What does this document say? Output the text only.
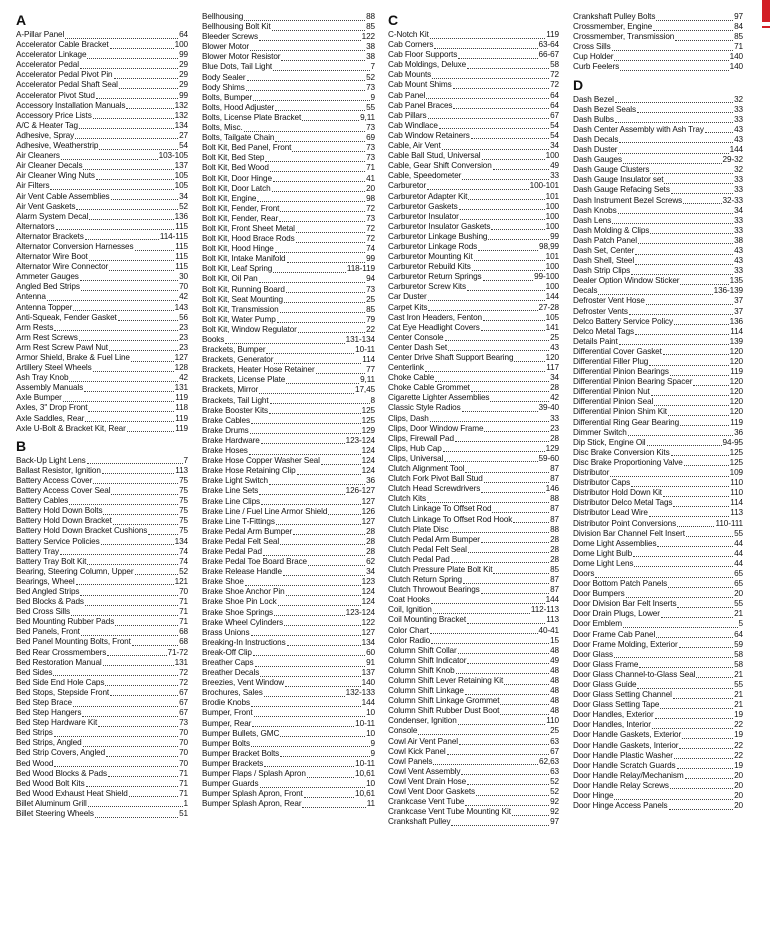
A
A-Pillar Panel	64
Accelerator Cable Bracket	100
Accelerator Linkage	99
Accelerator Pedal	29
Accelerator Pedal Pivot Pin	29
Accelerator Pedal Shaft Seal	29
Accelerator Pivot Stud	99
Accessory Installation Manuals	132
Accessory Price Lists	132
A/C & Heater Tag	134
Adhesive, Spray	27
Adhesive, Weatherstrip	54
Air Cleaners	103-105
Air Cleaner Decals	137
Air Cleaner Wing Nuts	105
Air Filters	105
Air Vent Cable Assemblies	34
Air Vent Gaskets	52
Alarm System Decal	136
Alternators	115
Alternator Brackets	114-115
Alternator Conversion Harnesses	115
Alternator Wire Boot	115
Alternator Wire Connector	115
Ammeter Gauges	30
Angled Bed Strips	70
Antenna	42
Antenna Topper	143
Anti-Squeak, Fender Gasket	56
Arm Rests	23
Arm Rest Screws	23
Arm Rest Screw Pawl Nut	23
Armor Shield, Brake & Fuel Line	127
Artillery Steel Wheels	128
Ash Tray Knob	42
Assembly Manuals	131
Axle Bumper	119
Axles, 3" Drop Front	118
Axle Saddles, Rear	119
Axle U-Bolt & Bracket Kit, Rear	119
B
Back-Up Light Lens	7
Ballast Resistor, Ignition	113
Battery Access Cover	75
Battery Access Cover Seal	75
Battery Cables	75
Battery Hold Down Bolts	75
Battery Hold Down Bracket	75
Battery Hold Down Bracket Cushions	75
Battery Service Policies	134
Battery Tray	74
Battery Tray Bolt Kit	74
Bearing, Steering Column, Upper	52
Bearings, Wheel	121
Bed Angled Strips	70
Bed Blocks & Pads	71
Bed Cross Sills	71
Bed Mounting Rubber Pads	71
Bed Panels, Front	68
Bed Panel Mounting Bolts, Front	68
Bed Rear Crossmembers	71-72
Bed Restoration Manual	131
Bed Sides	72
Bed Side End Hole Caps	72
Bed Stops, Stepside Front	67
Bed Step Brace	67
Bed Step Hangers	67
Bed Step Hardware Kit	73
Bed Strips	70
Bed Strips, Angled	70
Bed Strip Covers, Angled	70
Bed Wood	70
Bed Wood Blocks & Pads	71
Bed Wood Bolt Kits	71
Bed Wood Exhaust Heat Shield	71
Billet Aluminum Grill	1
Billet Steering Wheels	51
Bellhousing	88
Bellhousing Bolt Kit	85
Bleeder Screws	122
Blower Motor	38
Blower Motor Resistor	38
Blue Dots, Tail Light	7
Body Sealer	52
Body Shims	73
Bolts, Bumper	9
Bolts, Hood Adjuster	55
Bolts, License Plate Bracket	9,11
Bolts, Misc.	73
Bolts, Tailgate Chain	69
Bolt Kit, Bed Panel, Front	73
Bolt Kit, Bed Step	73
Bolt Kit, Bed Wood	71
Bolt Kit, Door Hinge	41
Bolt Kit, Door Latch	20
Bolt Kit, Engine	98
Bolt Kit, Fender, Front	72
Bolt Kit, Fender, Rear	73
Bolt Kit, Front Sheet Metal	72
Bolt Kit, Hood Brace Rods	72
Bolt Kit, Hood Hinge	74
Bolt Kit, Intake Manifold	99
Bolt Kit, Leaf Spring	118-119
Bolt Kit, Oil Pan	94
Bolt Kit, Running Board	73
Bolt Kit, Seat Mounting	25
Bolt Kit, Transmission	85
Bolt Kit, Water Pump	79
Bolt Kit, Window Regulator	22
Books	131-134
Brackets, Bumper	10-11
Brackets, Generator	114
Brackets, Heater Hose Retainer	77
Brackets, License Plate	9,11
Brackets, Mirror	17,45
Brackets, Tail Light	8
Brake Booster Kits	125
Brake Cables	125
Brake Drums	129
Brake Hardware	123-124
Brake Hoses	124
Brake Hose Copper Washer Seal	124
Brake Hose Retaining Clip	124
Brake Light Switch	36
Brake Line Sets	126-127
Brake Line Clips	127
Brake Line / Fuel Line Armor Shield	126
Brake Line T-Fittings	127
Brake Pedal Arm Bumper	28
Brake Pedal Felt Seal	28
Brake Pedal Pad	28
Brake Pedal Toe Board Brace	62
Brake Release Handle	34
Brake Shoe	123
Brake Shoe Anchor Pin	124
Brake Shoe Pin Lock	124
Brake Shoe Springs	123-124
Brake Wheel Cylinders	122
Brass Unions	127
Breaking-In Instructions	134
Break-Off Clip	60
Breather Caps	91
Breather Decals	137
Breezies, Vent Window	140
Brochures, Sales	132-133
Brodie Knobs	144
Bumper, Front	10
Bumper, Rear	10-11
Bumper Bullets, GMC	10
Bumper Bolts	9
Bumper Bracket Bolts	9
Bumper Brackets	10-11
Bumper Flaps / Splash Apron	10,61
Bumper Guards	10
Bumper Splash Apron, Front	10,61
Bumper Splash Apron, Rear	11
C
C-Notch Kit	119
Cab Corners	63-64
Cab Floor Supports	66-67
Cab Moldings, Deluxe	58
Cab Mounts	72
Cab Mount Shims	72
Cab Panel	64
Cab Panel Braces	64
Cab Pillars	67
Cab Windlace	54
Cab Window Retainers	54
Cable, Air Vent	34
Cable Ball Stud, Universal	100
Cable, Gear Shift Conversion	49
Cable, Speedometer	33
Carburetor	100-101
Carburetor Adapter Kit	101
Carburetor Gaskets	100
Carburetor Insulator	100
Carburetor Insulator Gaskets	100
Carburetor Linkage Bushing	99
Carburetor Linkage Rods	98,99
Carburetor Mounting Kit	101
Carburetor Rebuild Kits	100
Carburetor Return Springs	99-100
Carburetor Screw Kits	100
Car Duster	144
Carpet Kits	27-28
Cast Iron Headers, Fenton	105
Cat Eye Headlight Covers	141
Center Console	25
Center Dash Set	43
Center Drive Shaft Support Bearing	120
Centerlink	117
Choke Cable	34
Choke Cable Grommet	28
Cigarette Lighter Assemblies	42
Classic Style Radios	39-40
Clips, Dash	33
Clips, Door Window Frame	23
Clips, Firewall Pad	28
Clips, Hub Cap	129
Clips, Universal	59-60
Clutch Alignment Tool	87
Clutch Fork Pivot Ball Stud	87
Clutch Head Screwdrivers	146
Clutch Kits	88
Clutch Linkage To Offset Rod	87
Clutch Linkage To Offset Rod Hook	87
Clutch Plate Disc	88
Clutch Pedal Arm Bumper	28
Clutch Pedal Felt Seal	28
Clutch Pedal Pad	28
Clutch Pressure Plate Bolt Kit	85
Clutch Return Spring	87
Clutch Throwout Bearings	87
Coat Hooks	144
Coil, Ignition	112-113
Coil Mounting Bracket	113
Color Chart	40-41
Color Radio	15
Column Shift Collar	48
Column Shift Indicator	49
Column Shift Knob	48
Column Shift Lever Retaining Kit	48
Column Shift Linkage	48
Column Shift Linkage Grommet	48
Column Shift Rubber Dust Boot	48
Condenser, Ignition	110
Console	25
Cowl Air Vent Panel	63
Cowl Kick Panel	67
Cowl Panels	62,63
Cowl Vent Assembly	63
Cowl Vent Drain Hose	52
Cowl Vent Door Gaskets	52
Crankcase Vent Tube	92
Crankcase Vent Tube Mounting Kit	92
Crankshaft Pulley	97
Crankshaft Pulley Bolts	97
Crossmember, Engine	84
Crossmember, Transmission	85
Cross Sills	71
Cup Holder	140
Curb Feelers	140
D
Dash Bezel	32
Dash Bezel Seals	33
Dash Bulbs	33
Dash Center Assembly with Ash Tray	43
Dash Decals	43
Dash Duster	144
Dash Gauges	29-32
Dash Gauge Clusters	32
Dash Gauge Insulator set	33
Dash Gauge Refacing Sets	33
Dash Instrument Bezel Screws	32-33
Dash Knobs	34
Dash Lens	33
Dash Molding & Clips	33
Dash Patch Panel	38
Dash Set, Center	43
Dash Shell, Steel	43
Dash Strip Clips	33
Dealer Option Window Sticker	135
Decals	136-139
Defroster Vent Hose	37
Defroster Vents	37
Delco Battery Service Policy	136
Delco Metal Tags	114
Details Paint	139
Differential Cover Gasket	120
Differential Filler Plug	120
Differential Pinion Bearings	119
Differential Pinion Bearing Spacer	120
Differential Pinion Nut	120
Differential Pinion Seal	120
Differential Pinion Shim Kit	120
Differential Ring Gear Bearing	119
Dimmer Switch	36
Dip Stick, Engine Oil	94-95
Disc Brake Conversion Kits	125
Disc Brake Proportioning Valve	125
Distributor	109
Distributor Caps	110
Distributor Hold Down Kit	110
Distributor Delco Metal Tags	114
Distributor Lead Wire	113
Distributor Point Conversions	110-111
Division Bar Channel Felt Insert	55
Dome Light Assemblies	44
Dome Light Bulb	44
Dome Light Lens	44
Doors	65
Door Bottom Patch Panels	65
Door Bumpers	20
Door Division Bar Felt Inserts	55
Door Drain Plugs, Lower	21
Door Emblem	5
Door Frame Cab Panel	64
Door Frame Molding, Exterior	59
Door Glass	58
Door Glass Frame	58
Door Glass Channel-to-Glass Seal	21
Door Glass Guide	55
Door Glass Setting Channel	21
Door Glass Setting Tape	21
Door Handles, Exterior	19
Door Handles, Interior	22
Door Handle Gaskets, Exterior	19
Door Handle Gaskets, Interior	22
Door Handle Plastic Washer	22
Door Handle Scratch Guards	19
Door Handle Relay/Mechanism	20
Door Handle Relay Screws	20
Door Hinge	20
Door Hinge Access Panels	20
